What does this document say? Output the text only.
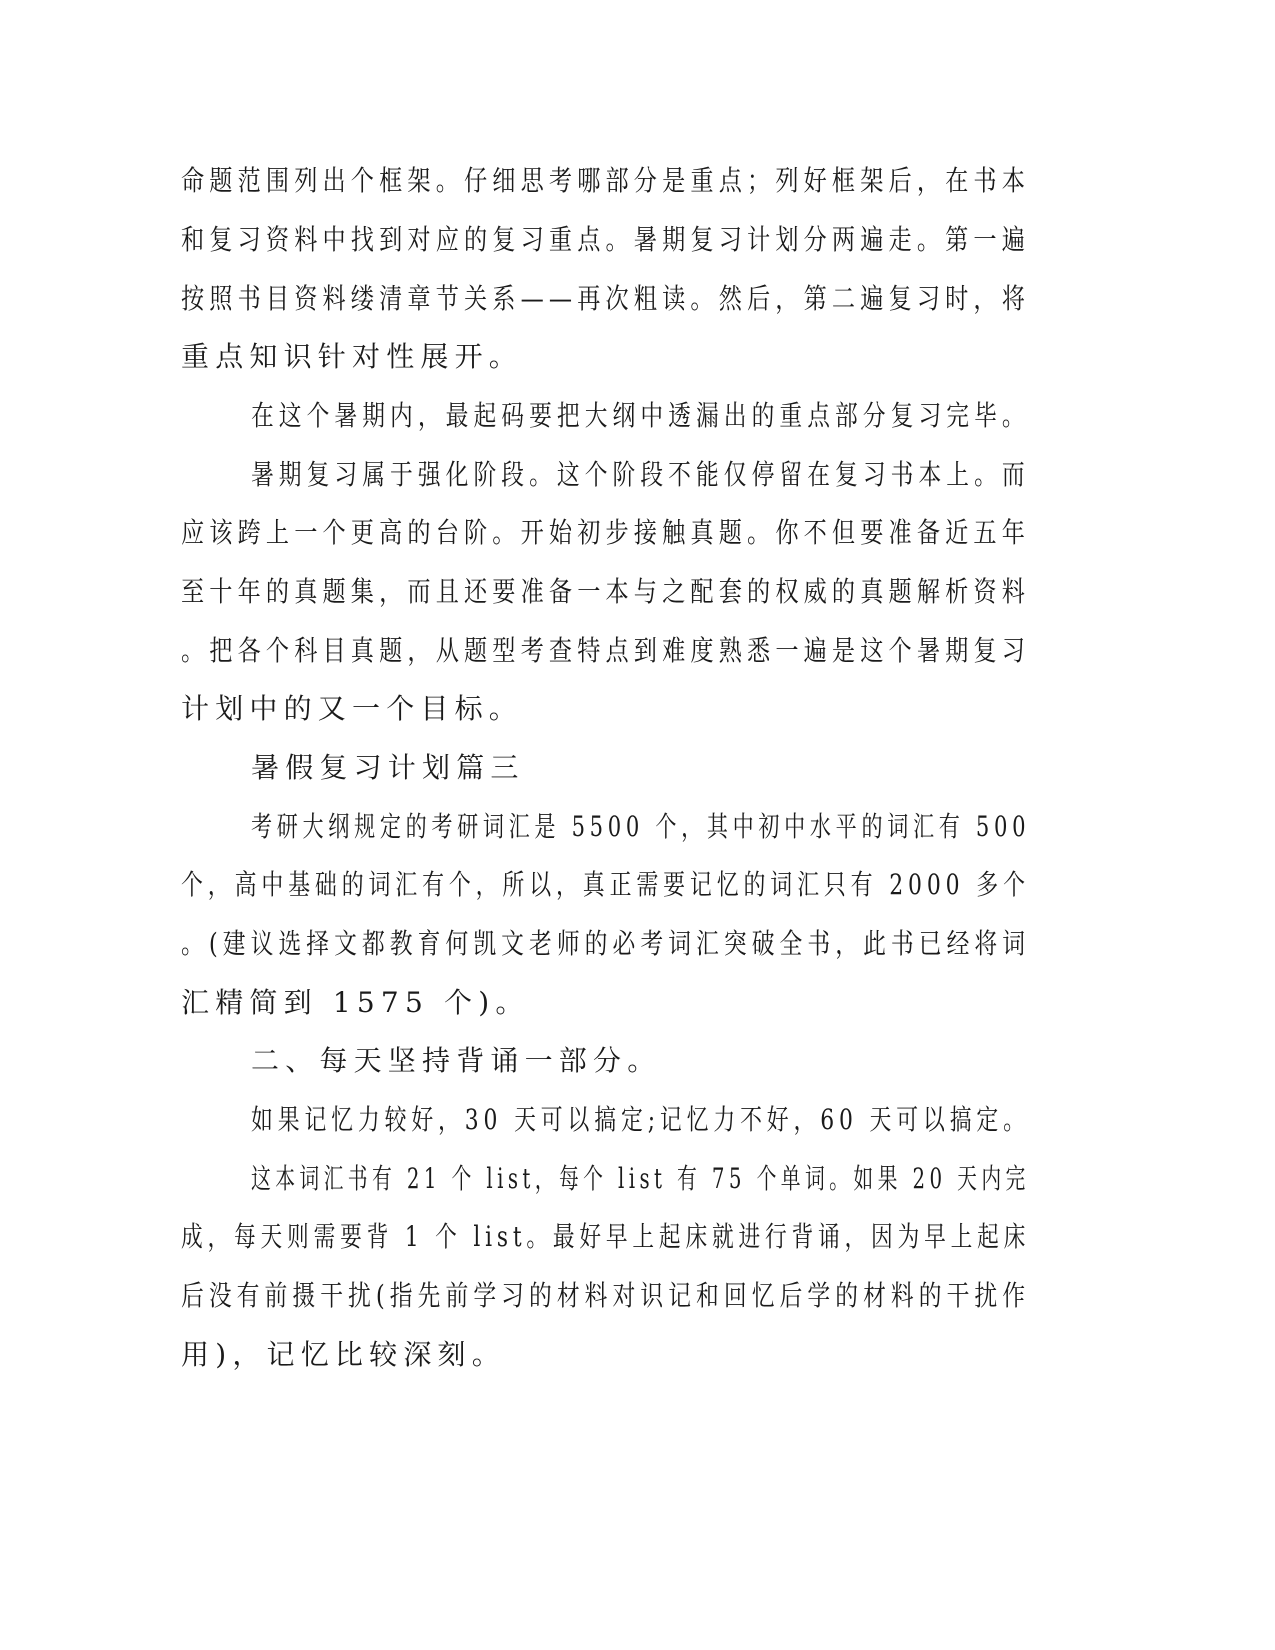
命题范围列出个框架。仔细思考哪部分是重点；列好框架后，在书本
和复习资料中找到对应的复习重点。暑期复习计划分两遍走。第一遍
按照书目资料缕清章节关系——再次粗读。然后，第二遍复习时，将
重点知识针对性展开。
在这个暑期内，最起码要把大纲中透漏出的重点部分复习完毕。
暑期复习属于强化阶段。这个阶段不能仅停留在复习书本上。而
应该跨上一个更高的台阶。开始初步接触真题。你不但要准备近五年
至十年的真题集，而且还要准备一本与之配套的权威的真题解析资料
。把各个科目真题，从题型考查特点到难度熟悉一遍是这个暑期复习
计划中的又一个目标。
暑假复习计划篇三
考研大纲规定的考研词汇是 5500 个，其中初中水平的词汇有 500
个，高中基础的词汇有个，所以，真正需要记忆的词汇只有 2000 多个
。(建议选择文都教育何凯文老师的必考词汇突破全书，此书已经将词
汇精简到 1575 个)。
二、每天坚持背诵一部分。
如果记忆力较好，30 天可以搞定;记忆力不好，60 天可以搞定。
这本词汇书有 21 个 list，每个 list 有 75 个单词。如果 20 天内完
成，每天则需要背 1 个 list。最好早上起床就进行背诵，因为早上起床
后没有前摄干扰(指先前学习的材料对识记和回忆后学的材料的干扰作
用)，记忆比较深刻。
